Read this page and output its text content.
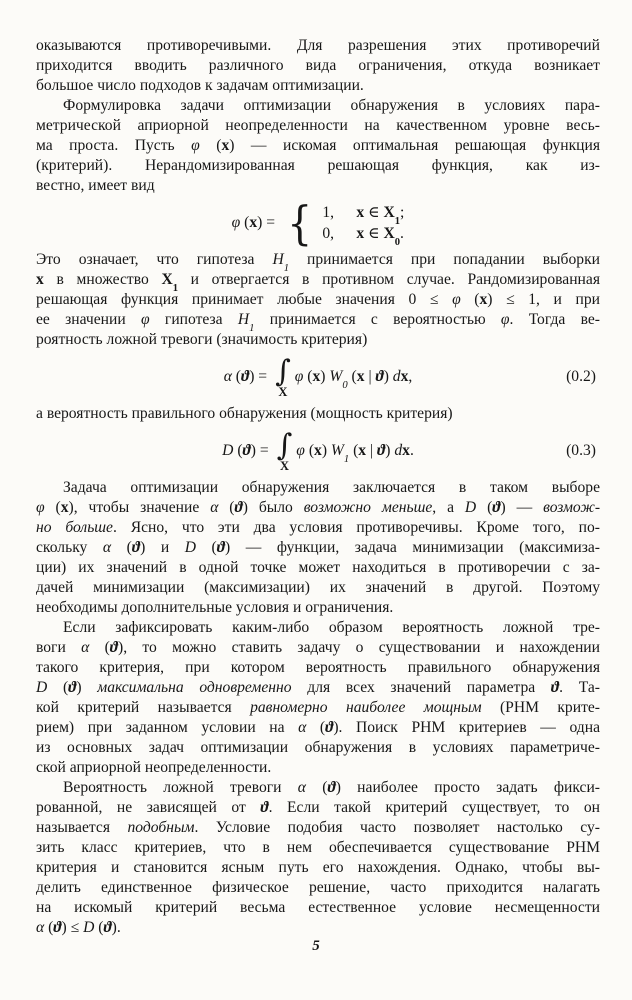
оказываются противоречивыми. Для разрешения этих противоречий
приходится вводить различного вида ограничения, откуда возникает
большое число подходов к задачам оптимизации.
Формулировка задачи оптимизации обнаружения в условиях пара-
метрической априорной неопределенности на качественном уровне весь-
ма проста. Пусть φ (x) — искомая оптимальная решающая функция
(критерий). Нерандомизированная решающая функция, как из-
вестно, имеет вид
φ (x) = { 1,	x ∈ $X_1$;
0,	x ∈ $X_0$.
Это означает, что гипотеза $H_1$ принимается при попадании выборки
x в множество $X_1$ и отвергается в противном случае. Рандомизированная
решающая функция принимает любые значения 0 ≤ φ (x) ≤ 1, и при
ее значении φ гипотеза $H_1$ принимается с вероятностью φ. Тогда ве-
роятность ложной тревоги (значимость критерия)
α (ϑ) = ∫
X
φ (x) $W_0$ (x | ϑ) dx,	(0.2)
а вероятность правильного обнаружения (мощность критерия)
D (ϑ) = ∫
X
φ (x) $W_1$ (x | ϑ) dx.	(0.3)
Задача оптимизации обнаружения заключается в таком выборе
φ (x), чтобы значение α (ϑ) было возможно меньше, а D (ϑ) — возмож-
но больше. Ясно, что эти два условия противоречивы. Кроме того, по-
скольку α (ϑ) и D (ϑ) — функции, задача минимизации (максимиза-
ции) их значений в одной точке может находиться в противоречии с за-
дачей минимизации (максимизации) их значений в другой. Поэтому
необходимы дополнительные условия и ограничения.
Если зафиксировать каким-либо образом вероятность ложной тре-
воги α (ϑ), то можно ставить задачу о существовании и нахождении
такого критерия, при котором вероятность правильного обнаружения
D (ϑ) максимальна одновременно для всех значений параметра ϑ. Та-
кой критерий называется равномерно наиболее мощным (РНМ крите-
рием) при заданном условии на α (ϑ). Поиск РНМ критериев — одна
из основных задач оптимизации обнаружения в условиях параметриче-
ской априорной неопределенности.
Вероятность ложной тревоги α (ϑ) наиболее просто задать фикси-
рованной, не зависящей от ϑ. Если такой критерий существует, то он
называется подобным. Условие подобия часто позволяет настолько су-
зить класс критериев, что в нем обеспечивается существование РНМ
критерия и становится ясным путь его нахождения. Однако, чтобы вы-
делить единственное физическое решение, часто приходится налагать
на искомый критерий весьма естественное условие несмещенности
α (ϑ) ≤ D (ϑ).
5
